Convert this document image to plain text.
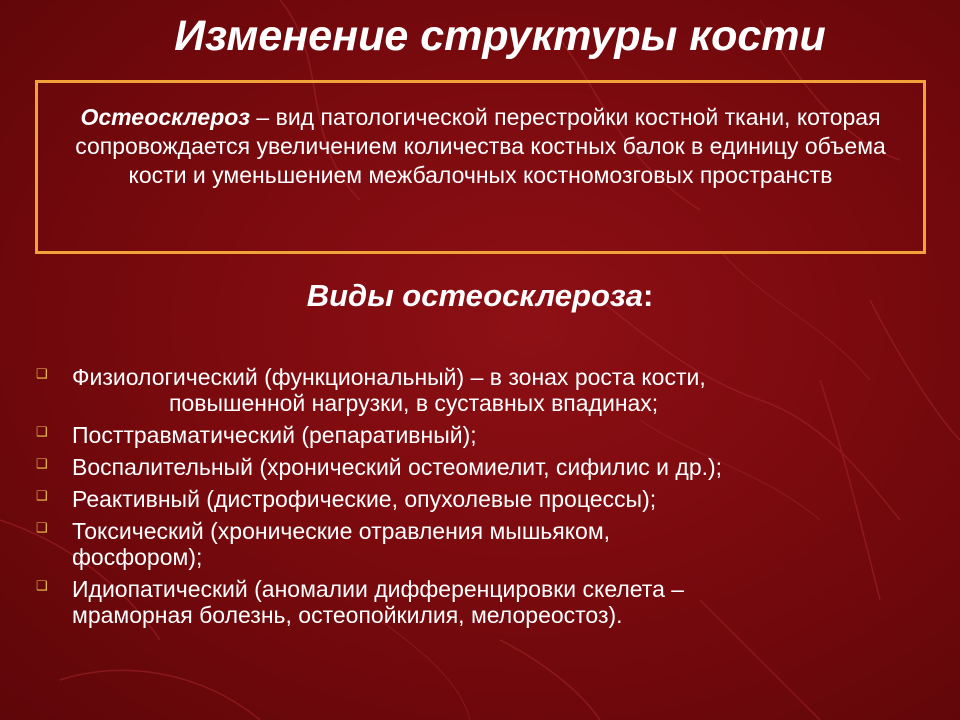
Изменение структуры кости
Остеосклероз – вид патологической перестройки костной ткани, которая сопровождается увеличением количества костных балок в единицу объема кости и уменьшением межбалочных костномозговых пространств
Виды остеосклероза:
❑ Физиологический (функциональный) – в зонах роста кости,
повышенной нагрузки, в суставных впадинах;
❑ Посттравматический (репаративный);
❑ Воспалительный (хронический остеомиелит, сифилис и др.);
❑ Реактивный (дистрофические, опухолевые процессы);
❑ Токсический (хронические отравления мышьяком,
фосфором);
❑ Идиопатический (аномалии дифференцировки скелета –
мраморная болезнь, остеопойкилия, мелореостоз).
